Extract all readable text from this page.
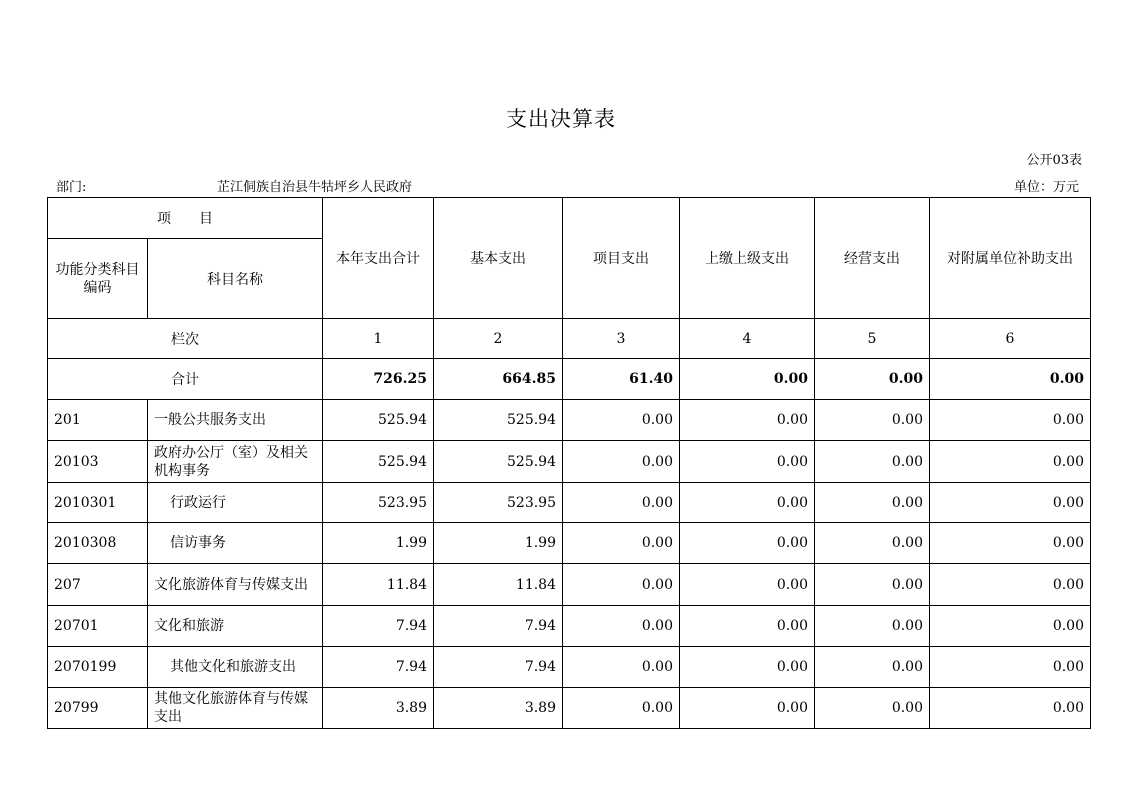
支出决算表
公开03表
部门:	芷江侗族自治县牛牯坪乡人民政府	单位：万元
项　　目		本年支出合计	基本支出	项目支出	上缴上级支出	经营支出	对附属单位补助支出
功能分类科目编码	科目名称						
栏次		1	2	3	4	5	6
合计		726.25	664.85	61.40	0.00	0.00	0.00
201	一般公共服务支出	525.94	525.94	0.00	0.00	0.00	0.00
20103	政府办公厅（室）及相关机构事务	525.94	525.94	0.00	0.00	0.00	0.00
2010301	行政运行	523.95	523.95	0.00	0.00	0.00	0.00
2010308	信访事务	1.99	1.99	0.00	0.00	0.00	0.00
207	文化旅游体育与传媒支出	11.84	11.84	0.00	0.00	0.00	0.00
20701	文化和旅游	7.94	7.94	0.00	0.00	0.00	0.00
2070199	其他文化和旅游支出	7.94	7.94	0.00	0.00	0.00	0.00
20799	其他文化旅游体育与传媒支出	3.89	3.89	0.00	0.00	0.00	0.00
